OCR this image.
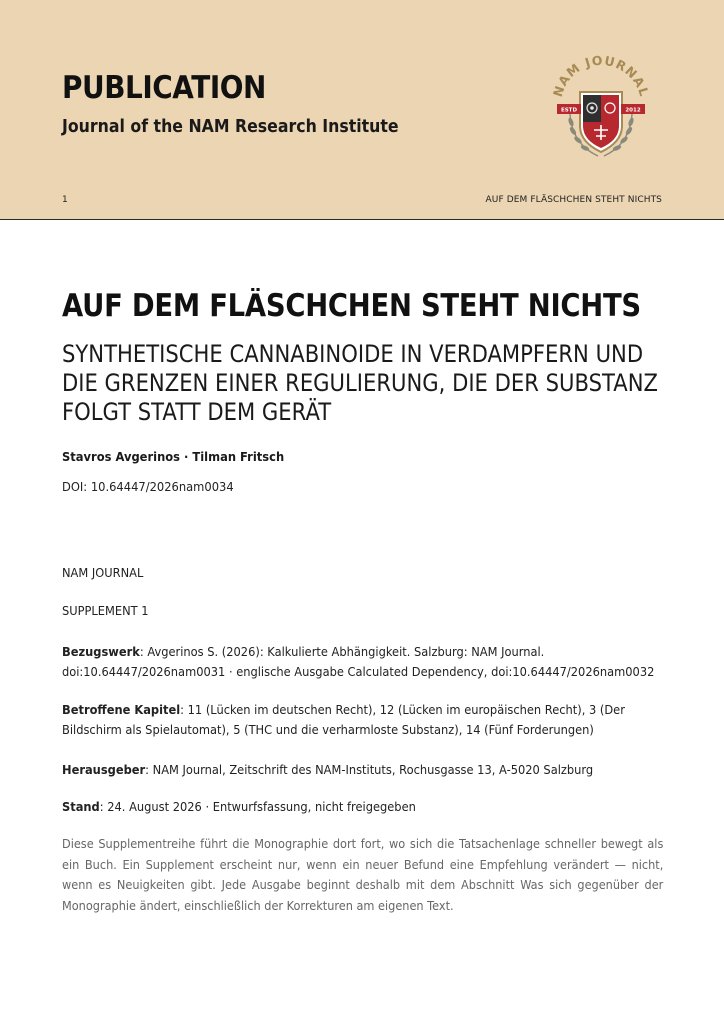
PUBLICATION
Journal of the NAM Research Institute
1	AUF DEM FLÄSCHCHEN STEHT NICHTS
NAM JOURNAL
ESTD	2012
AUF DEM FLÄSCHCHEN STEHT NICHTS
SYNTHETISCHE CANNABINOIDE IN VERDAMPFERN UND DIE GRENZEN EINER REGULIERUNG, DIE DER SUBSTANZ FOLGT STATT DEM GERÄT
Stavros Avgerinos · Tilman Fritsch
DOI: 10.64447/2026nam0034
NAM JOURNAL
SUPPLEMENT 1
Bezugswerk: Avgerinos S. (2026): Kalkulierte Abhängigkeit. Salzburg: NAM Journal. doi:10.64447/2026nam0031 · englische Ausgabe Calculated Dependency, doi:10.64447/2026nam0032
Betroffene Kapitel: 11 (Lücken im deutschen Recht), 12 (Lücken im europäischen Recht), 3 (Der Bildschirm als Spielautomat), 5 (THC und die verharmloste Substanz), 14 (Fünf Forderungen)
Herausgeber: NAM Journal, Zeitschrift des NAM-Instituts, Rochusgasse 13, A-5020 Salzburg
Stand: 24. August 2026 · Entwurfsfassung, nicht freigegeben
Diese Supplementreihe führt die Monographie dort fort, wo sich die Tatsachenlage schneller bewegt als ein Buch. Ein Supplement erscheint nur, wenn ein neuer Befund eine Empfehlung verändert — nicht, wenn es Neuigkeiten gibt. Jede Ausgabe beginnt deshalb mit dem Abschnitt Was sich gegenüber der Monographie ändert, einschließlich der Korrekturen am eigenen Text.
